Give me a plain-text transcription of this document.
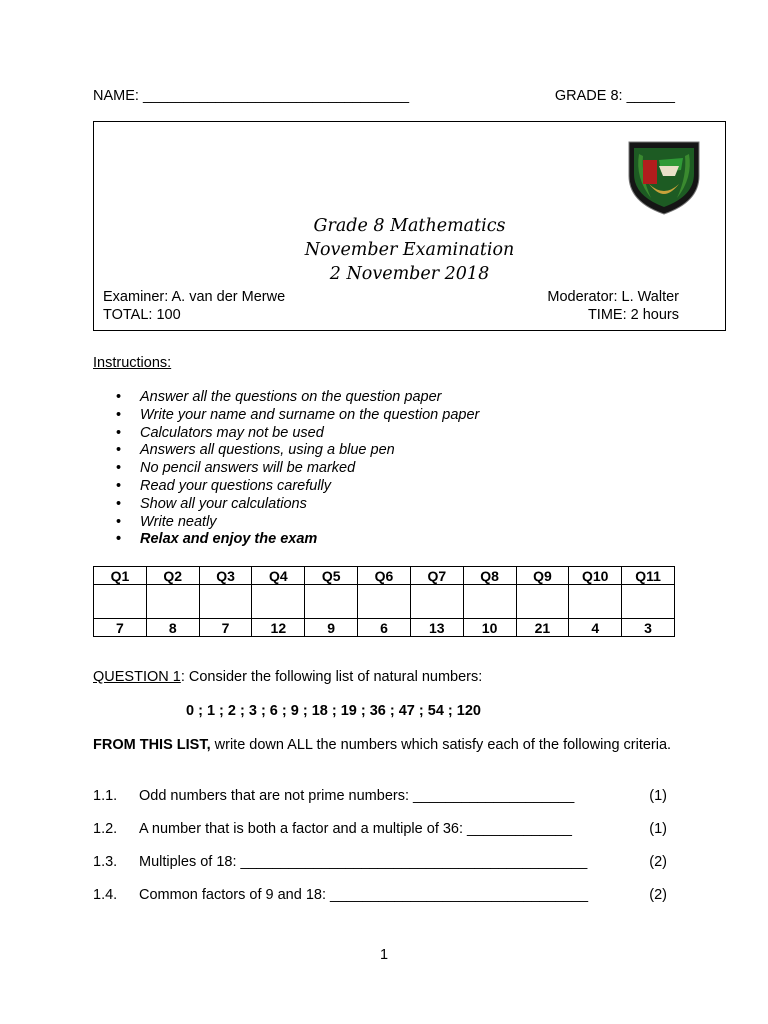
NAME: _________________________________	GRADE 8: ______
Grade 8 Mathematics
November Examination
2 November 2018
Examiner: A. van der Merwe
TOTAL: 100
Moderator: L. Walter
TIME: 2 hours
Instructions:
• Answer all the questions on the question paper
• Write your name and surname on the question paper
• Calculators may not be used
• Answers all questions, using a blue pen
• No pencil answers will be marked
• Read your questions carefully
• Show all your calculations
• Write neatly
• Relax and enjoy the exam
Q1	Q2	Q3	Q4	Q5	Q6	Q7	Q8	Q9	Q10	Q11

7	8	7	12	9	6	13	10	21	4	3
QUESTION 1: Consider the following list of natural numbers:
0 ; 1 ; 2 ; 3 ; 6 ; 9 ; 18 ; 19 ; 36 ; 47 ; 54 ; 120
FROM THIS LIST, write down ALL the numbers which satisfy each of the following criteria.
1.1. Odd numbers that are not prime numbers: ____________________	(1)
1.2. A number that is both a factor and a multiple of 36: _____________	(1)
1.3. Multiples of 18: ___________________________________________	(2)
1.4. Common factors of 9 and 18: ________________________________	(2)
1
